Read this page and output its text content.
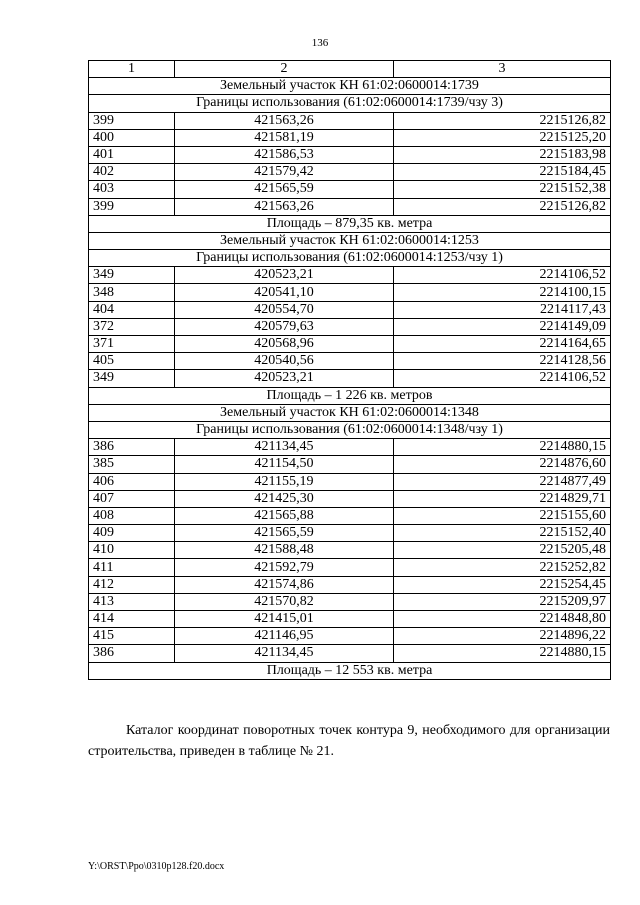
136
1	2	3
Земельный участок КН 61:02:0600014:1739		
Границы использования (61:02:0600014:1739/чзу 3)		
399	421563,26	2215126,82
400	421581,19	2215125,20
401	421586,53	2215183,98
402	421579,42	2215184,45
403	421565,59	2215152,38
399	421563,26	2215126,82
Площадь – 879,35 кв. метра		
Земельный участок КН 61:02:0600014:1253		
Границы использования (61:02:0600014:1253/чзу 1)		
349	420523,21	2214106,52
348	420541,10	2214100,15
404	420554,70	2214117,43
372	420579,63	2214149,09
371	420568,96	2214164,65
405	420540,56	2214128,56
349	420523,21	2214106,52
Площадь – 1 226 кв. метров		
Земельный участок КН 61:02:0600014:1348		
Границы использования (61:02:0600014:1348/чзу 1)		
386	421134,45	2214880,15
385	421154,50	2214876,60
406	421155,19	2214877,49
407	421425,30	2214829,71
408	421565,88	2215155,60
409	421565,59	2215152,40
410	421588,48	2215205,48
411	421592,79	2215252,82
412	421574,86	2215254,45
413	421570,82	2215209,97
414	421415,01	2214848,80
415	421146,95	2214896,22
386	421134,45	2214880,15
Площадь – 12 553 кв. метра		
Каталог координат поворотных точек контура 9, необходимого для организации строительства, приведен в таблице № 21.
Y:\ORST\Ppo\0310p128.f20.docx
